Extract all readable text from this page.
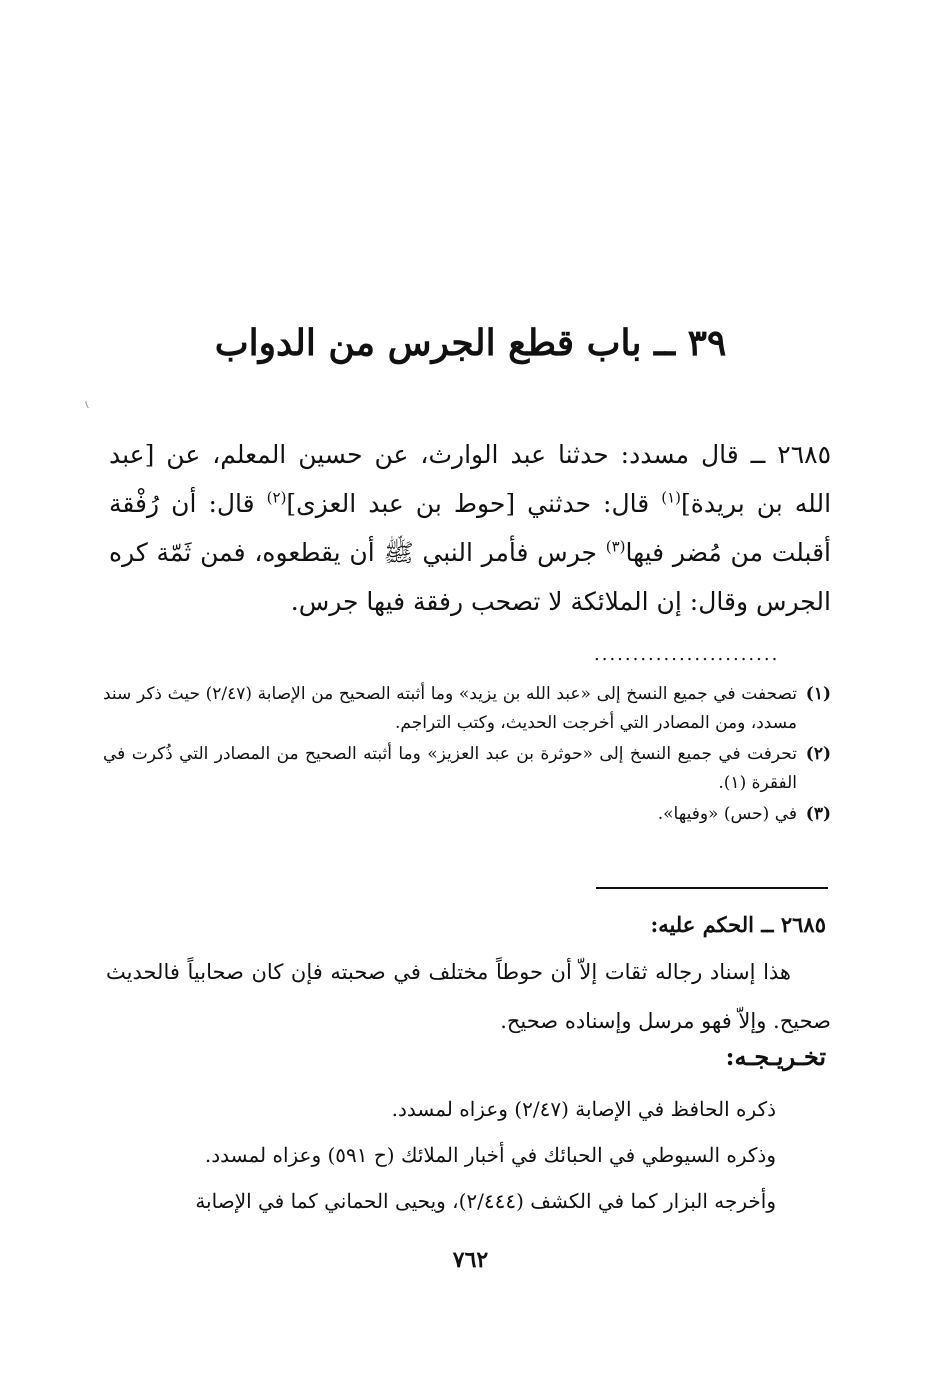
٣٩ ــ باب قطع الجرس من الدواب
٢٦٨٥ ــ قال مسدد: حدثنا عبد الوارث، عن حسين المعلم، عن [عبد الله بن بريدة]$^{(١)}$ قال: حدثني [حوط بن عبد العزى]$^{(٢)}$ قال: أن رُفْقة أقبلت من مُضر فيها$^{(٣)}$ جرس فأمر النبي ﷺ أن يقطعوه، فمن ثَمّة كره الجرس وقال: إن الملائكة لا تصحب رفقة فيها جرس.
........................
(١)
تصحفت في جميع النسخ إلى «عبد الله بن يزيد» وما أثبته الصحيح من الإصابة (٢/٤٧) حيث ذكر سند مسدد، ومن المصادر التي أخرجت الحديث، وكتب التراجم.
(٢)
تحرفت في جميع النسخ إلى «حوثرة بن عبد العزيز» وما أثبته الصحيح من المصادر التي ذُكرت في الفقرة (١).
(٣)
في (حس) «وفيها».
٢٦٨٥ ــ الحكم عليه:
هذا إسناد رجاله ثقات إلاّ أن حوطاً مختلف في صحبته فإن كان صحابياً فالحديث صحيح. وإلاّ فهو مرسل وإسناده صحيح.
تخـريـجـه:

ذكره الحافظ في الإصابة (٢/٤٧) وعزاه لمسدد.

وذكره السيوطي في الحبائك في أخبار الملائك (ح ٥٩١) وعزاه لمسدد.

وأخرجه البزار كما في الكشف (٢/٤٤٤)، ويحيى الحماني كما في الإصابة

٧٦٢
